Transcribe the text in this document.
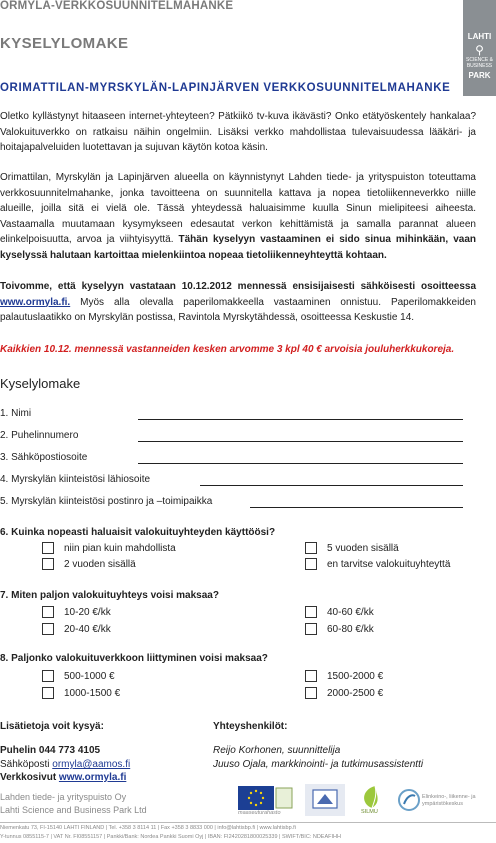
ORMYLA-VERKKOSUUNNITELMAHANKE
LAHTI
⚲
SCIENCE &
BUSINESS
PARK
KYSELYLOMAKE
ORIMATTILAN-MYRSKYLÄN-LAPINJÄRVEN VERKKOSUUNNITELMAHANKE
Oletko kyllästynyt hitaaseen internet-yhteyteen? Pätkiikö tv-kuva ikävästi? Onko etätyöskentely hankalaa? Valokuituverkko on ratkaisu näihin ongelmiin. Lisäksi verkko mahdollistaa tulevaisuudessa lääkäri- ja hoitajapalveluiden luotettavan ja sujuvan käytön kotoa käsin.
Orimattilan, Myrskylän ja Lapinjärven alueella on käynnistynyt Lahden tiede- ja yrityspuiston toteuttama verkkosuunnitelmahanke, jonka tavoitteena on suunnitella kattava ja nopea tietoliikenneverkko niille alueille, joilla sitä ei vielä ole. Tässä yhteydessä haluaisimme kuulla Sinun mielipiteesi aiheesta. Vastaamalla muutamaan kysymykseen edesautat verkon kehittämistä ja samalla parannat alueen elinkelpoisuutta, arvoa ja viihtyisyyttä. Tähän kyselyyn vastaaminen ei sido sinua mihinkään, vaan kyselyssä halutaan kartoittaa mielenkiintoa nopeaa tietoliikenneyhteyttä kohtaan.
Toivomme, että kyselyyn vastataan 10.12.2012 mennessä ensisijaisesti sähköisesti osoitteessa www.ormyla.fi. Myös alla olevalla paperilomakkeella vastaaminen onnistuu. Paperilomakkeiden palautuslaatikko on Myrskylän postissa, Ravintola Myrskytähdessä, osoitteessa Keskustie 14.
Kaikkien 10.12. mennessä vastanneiden kesken arvomme 3 kpl 40 € arvoisia jouluherkkukoreja.
Kyselylomake
1. Nimi
2. Puhelinnumero
3. Sähköpostiosoite
4. Myrskylän kiinteistösi lähiosoite
5. Myrskylän kiinteistösi postinro ja –toimipaikka
6. Kuinka nopeasti haluaisit valokuituyhteyden käyttöösi?
niin pian kuin mahdollista	5 vuoden sisällä
2 vuoden sisällä	en tarvitse valokuituyhteyttä
7. Miten paljon valokuituyhteys voisi maksaa?
10-20 €/kk	40-60 €/kk
20-40 €/kk	60-80 €/kk
8. Paljonko valokuituverkkoon liittyminen voisi maksaa?
500-1000 €	1500-2000 €
1000-1500 €	2000-2500 €
Lisätietoja voit kysyä:
Puhelin 044 773 4105
Sähköposti ormyla@aamos.fi
Verkkosivut www.ormyla.fi
Lahden tiede- ja yrityspuisto Oy
Lahti Science and Business Park Ltd
Yhteyshenkilöt:
Reijo Korhonen, suunnittelija
Juuso Ojala, markkinointi- ja tutkimusassistentti
maaseuturahasto	SILMU
Elinkeino-, liikenne- ja
ympäristökeskus
Niemenkatu 73, FI-15140 LAHTI FINLAND | Tel. +358 3 8114 11 | Fax +358 3 8833 000 | info@lahtisbp.fi | www.lahtisbp.fi
Y-tunnus 0855115-7 | VAT Nr. FI08551157 | Pankki/Bank: Nordea Pankki Suomi Oyj | IBAN: FI2420281800025339 | SWIFT/BIC: NDEAFIHH
